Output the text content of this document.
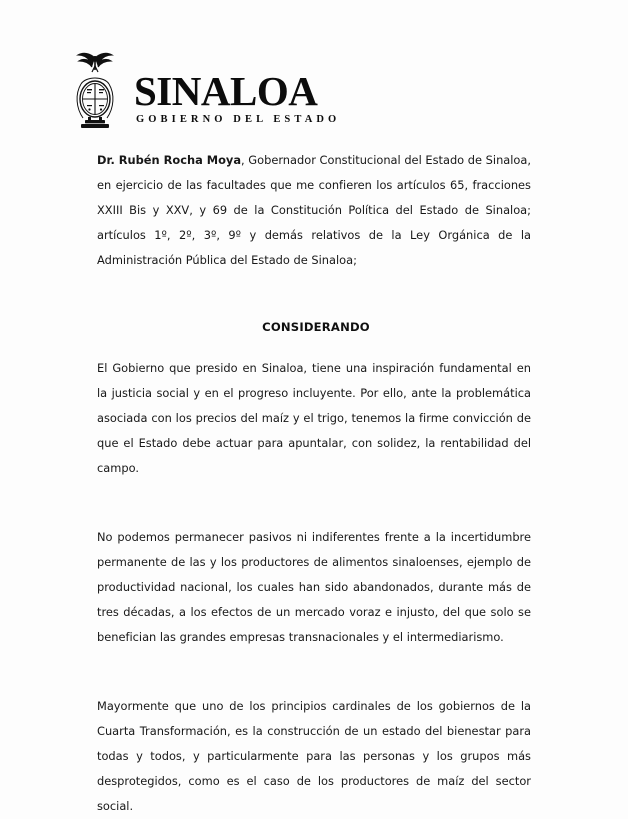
SINALOA
GOBIERNO DEL ESTADO

Dr. Rubén Rocha Moya, Gobernador Constitucional del Estado de Sinaloa, en ejercicio de las facultades que me confieren los artículos 65, fracciones XXIII Bis y XXV, y 69 de la Constitución Política del Estado de Sinaloa; artículos 1º, 2º, 3º, 9º y demás relativos de la Ley Orgánica de la Administración Pública del Estado de Sinaloa;

CONSIDERANDO

El Gobierno que presido en Sinaloa, tiene una inspiración fundamental en la justicia social y en el progreso incluyente. Por ello, ante la problemática asociada con los precios del maíz y el trigo, tenemos la firme convicción de que el Estado debe actuar para apuntalar, con solidez, la rentabilidad del campo.

No podemos permanecer pasivos ni indiferentes frente a la incertidumbre permanente de las y los productores de alimentos sinaloenses, ejemplo de productividad nacional, los cuales han sido abandonados, durante más de tres décadas, a los efectos de un mercado voraz e injusto, del que solo se benefician las grandes empresas transnacionales y el intermediarismo.

Mayormente que uno de los principios cardinales de los gobiernos de la Cuarta Transformación, es la construcción de un estado del bienestar para todas y todos, y particularmente para las personas y los grupos más desprotegidos, como es el caso de los productores de maíz del sector social.
